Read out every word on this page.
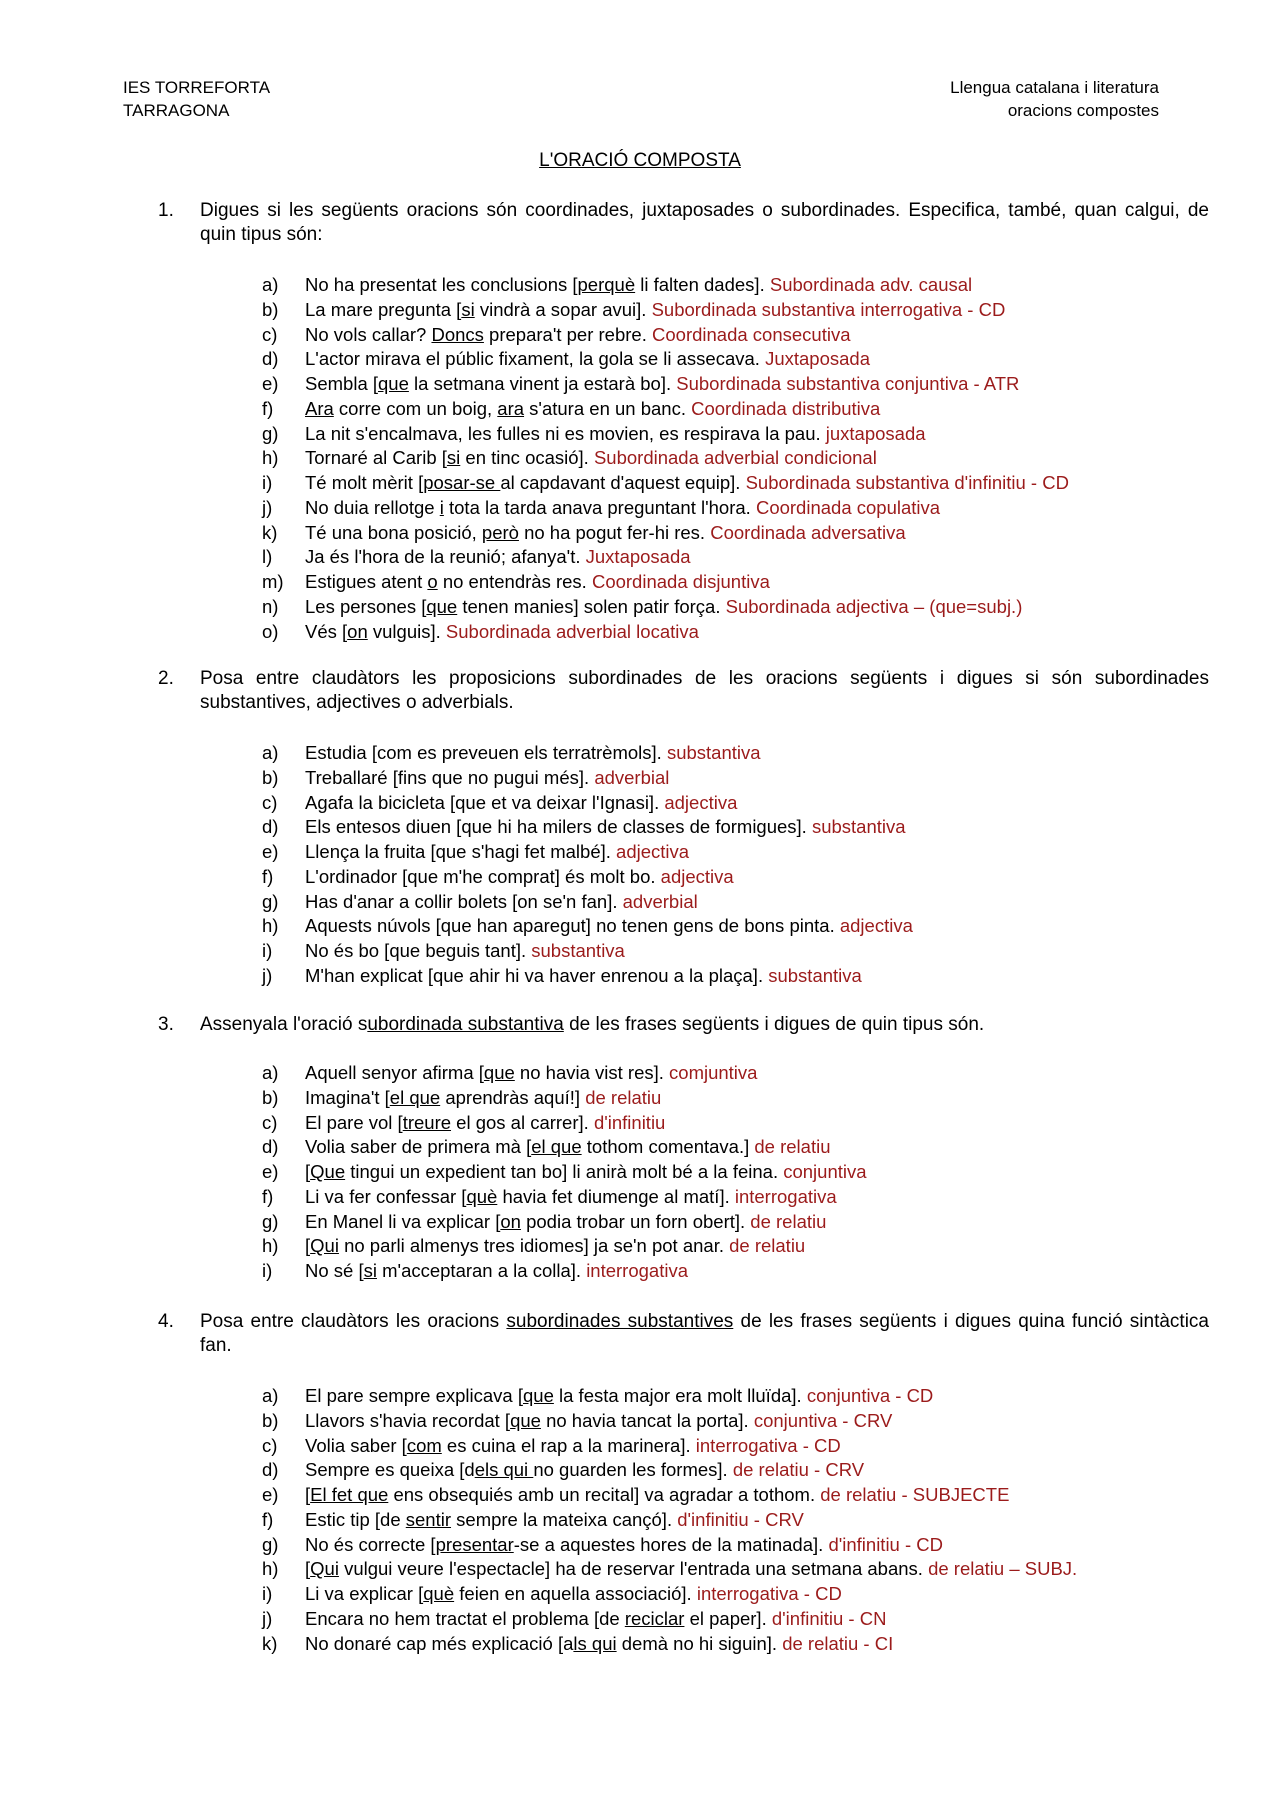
IES TORREFORTA
TARRAGONA
Llengua catalana i literatura
oracions compostes
L'ORACIÓ COMPOSTA
1. Digues si les següents oracions són coordinades, juxtaposades o subordinades. Especifica, també, quan calgui, de quin tipus són:
a) No ha presentat les conclusions [perquè li falten dades]. Subordinada adv. causal
b) La mare pregunta [si vindrà a sopar avui]. Subordinada substantiva interrogativa - CD
c) No vols callar? Doncs prepara't per rebre. Coordinada consecutiva
d) L'actor mirava el públic fixament, la gola se li assecava. Juxtaposada
e) Sembla [que la setmana vinent ja estarà bo]. Subordinada substantiva conjuntiva - ATR
f) Ara corre com un boig, ara s'atura en un banc. Coordinada distributiva
g) La nit s'encalmava, les fulles ni es movien, es respirava la pau. juxtaposada
h) Tornaré al Carib [si en tinc ocasió]. Subordinada adverbial condicional
i) Té molt mèrit [posar-se al capdavant d'aquest equip]. Subordinada substantiva d'infinitiu - CD
j) No duia rellotge i tota la tarda anava preguntant l'hora. Coordinada copulativa
k) Té una bona posició, però no ha pogut fer-hi res. Coordinada adversativa
l) Ja és l'hora de la reunió; afanya't. Juxtaposada
m) Estigues atent o no entendràs res. Coordinada disjuntiva
n) Les persones [que tenen manies] solen patir força. Subordinada adjectiva – (que=subj.)
o) Vés [on vulguis]. Subordinada adverbial locativa
2. Posa entre claudàtors les proposicions subordinades de les oracions següents i digues si són subordinades substantives, adjectives o adverbials.
a) Estudia [com es preveuen els terratrèmols]. substantiva
b) Treballaré [fins que no pugui més]. adverbial
c) Agafa la bicicleta [que et va deixar l'Ignasi]. adjectiva
d) Els entesos diuen [que hi ha milers de classes de formigues]. substantiva
e) Llença la fruita [que s'hagi fet malbé]. adjectiva
f) L'ordinador [que m'he comprat] és molt bo. adjectiva
g) Has d'anar a collir bolets [on se'n fan]. adverbial
h) Aquests núvols [que han aparegut] no tenen gens de bons pinta. adjectiva
i) No és bo [que beguis tant]. substantiva
j) M'han explicat [que ahir hi va haver enrenou a la plaça]. substantiva
3. Assenyala l'oració subordinada substantiva de les frases següents i digues de quin tipus són.
a) Aquell senyor afirma [que no havia vist res]. comjuntiva
b) Imagina't [el que aprendràs aquí!] de relatiu
c) El pare vol [treure el gos al carrer]. d'infinitiu
d) Volia saber de primera mà [el que tothom comentava.] de relatiu
e) [Que tingui un expedient tan bo] li anirà molt bé a la feina. conjuntiva
f) Li va fer confessar [què havia fet diumenge al matí]. interrogativa
g) En Manel li va explicar [on podia trobar un forn obert]. de relatiu
h) [Qui no parli almenys tres idiomes] ja se'n pot anar. de relatiu
i) No sé [si m'acceptaran a la colla]. interrogativa
4. Posa entre claudàtors les oracions subordinades substantives de les frases següents i digues quina funció sintàctica fan.
a) El pare sempre explicava [que la festa major era molt lluïda]. conjuntiva - CD
b) Llavors s'havia recordat [que no havia tancat la porta]. conjuntiva - CRV
c) Volia saber [com es cuina el rap a la marinera]. interrogativa - CD
d) Sempre es queixa [dels qui no guarden les formes]. de relatiu - CRV
e) [El fet que ens obsequiés amb un recital] va agradar a tothom. de relatiu - SUBJECTE
f) Estic tip [de sentir sempre la mateixa cançó]. d'infinitiu - CRV
g) No és correcte [presentar-se a aquestes hores de la matinada]. d'infinitiu - CD
h) [Qui vulgui veure l'espectacle] ha de reservar l'entrada una setmana abans. de relatiu – SUBJ.
i) Li va explicar [què feien en aquella associació]. interrogativa - CD
j) Encara no hem tractat el problema [de reciclar el paper]. d'infinitiu - CN
k) No donaré cap més explicació [als qui demà no hi siguin]. de relatiu - CI
